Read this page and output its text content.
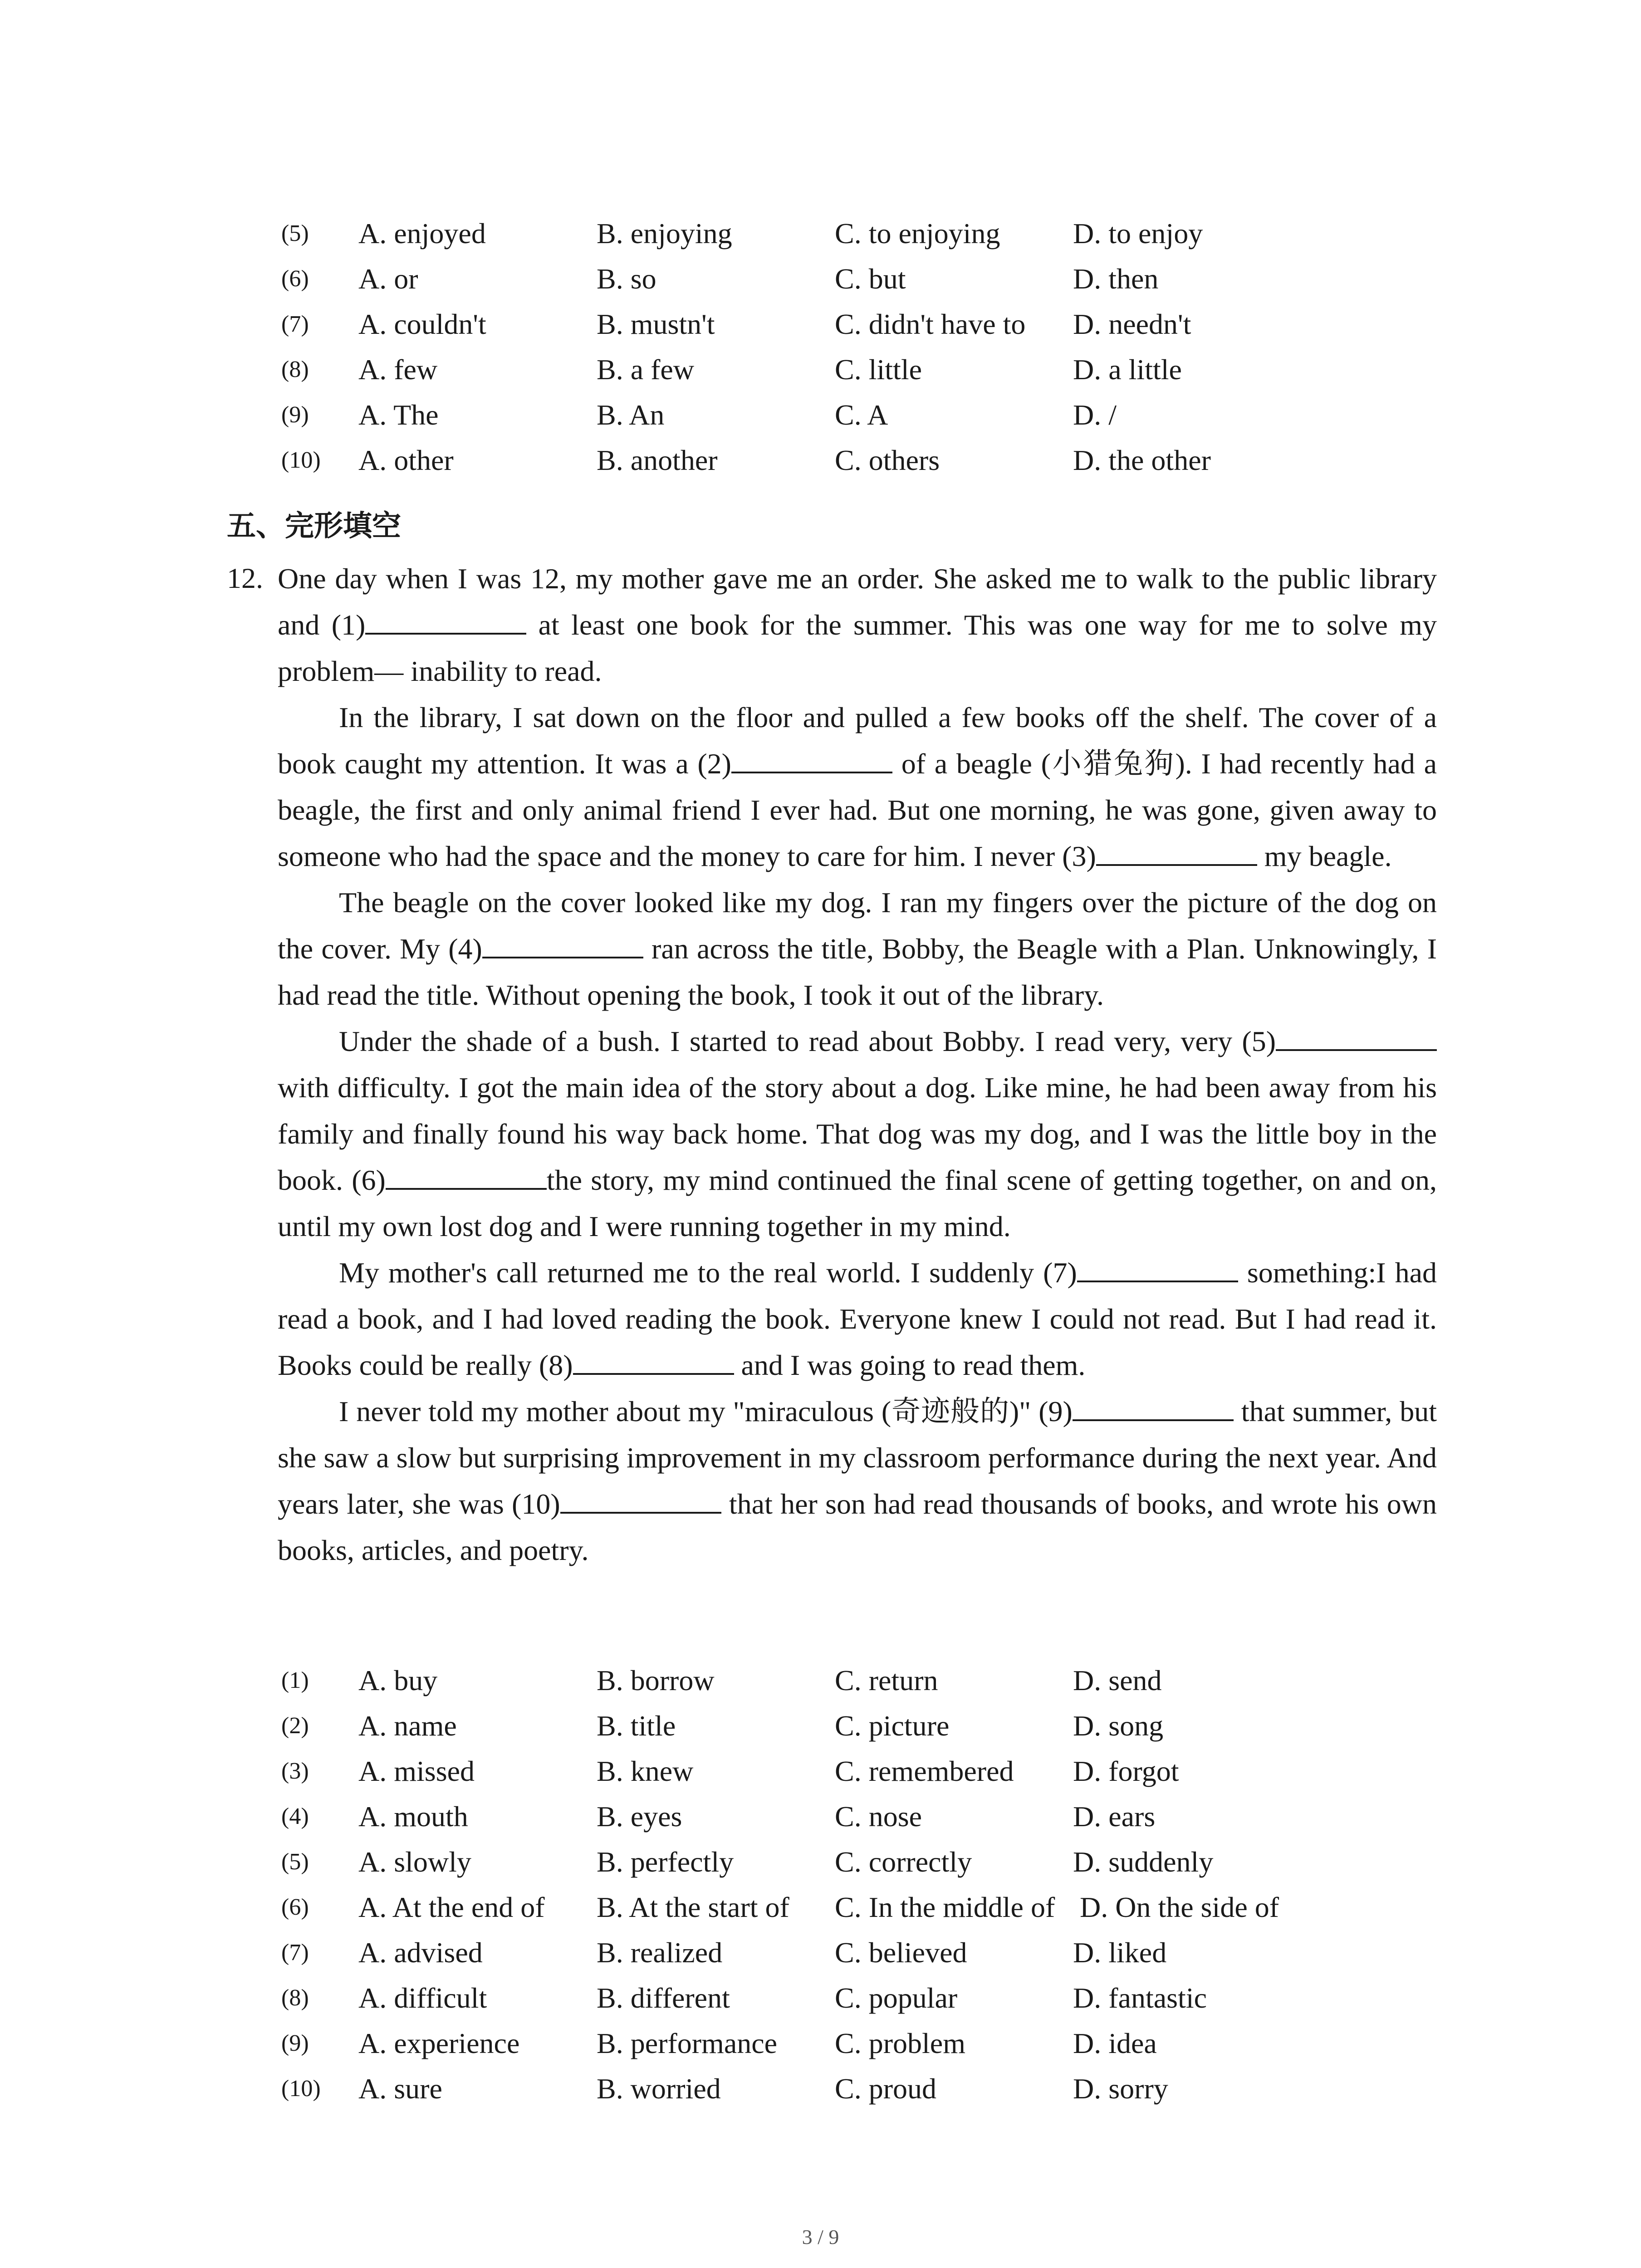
(5)	A. enjoyed	B. enjoying	C. to enjoying	D. to enjoy
(6)	A. or	B. so	C. but	D. then
(7)	A. couldn't	B. mustn't	C. didn't have to D. needn't
(8)	A. few	B. a few	C. little	D. a little
(9)	A. The	B. An	C. A	D. /
(10)	A. other	B. another	C. others	D. the other
五、完形填空
12. One day when I was 12, my mother gave me an order. She asked me to walk to the public library and (1)	at least one book for the summer. This was one way for me to solve my problem— inability to read.

In the library, I sat down on the floor and pulled a few books off the shelf. The cover of a book caught my attention. It was a (2)	of a beagle (小猎兔狗). I had recently had a beagle, the first and only animal friend I ever had. But one morning, he was gone, given away to someone who had the space and the money to care for him. I never (3)	my beagle.

The beagle on the cover looked like my dog. I ran my fingers over the picture of the dog on the cover. My (4)	ran across the title, Bobby, the Beagle with a Plan. Unknowingly, I had read the title. Without opening the book, I took it out of the library.

Under the shade of a bush. I started to read about Bobby. I read very, very (5) with difficulty. I got the main idea of the story about a dog. Like mine, he had been away from his family and finally found his way back home. That dog was my dog, and I was the little boy in the book. (6)	the story, my mind continued the final scene of getting together, on and on, until my own lost dog and I were running together in my mind.

My mother's call returned me to the real world. I suddenly (7)	something:I had read a book, and I had loved reading the book. Everyone knew I could not read. But I had read it. Books could be really (8)	and I was going to read them.

I never told my mother about my "miraculous (奇迹般的)" (9)	that summer, but she saw a slow but surprising improvement in my classroom performance during the next year. And years later, she was (10)	that her son had read thousands of books, and wrote his own books, articles, and poetry.

(1)	A. buy	B. borrow	C. return	D. send
(2)	A. name	B. title	C. picture	D. song
(3)	A. missed	B. knew	C. remembered D. forgot
(4)	A. mouth	B. eyes	C. nose	D. ears
(5)	A. slowly	B. perfectly	C. correctly	D. suddenly
(6)	A. At the end of B. At the start of C. In the middle of D. On the side of
(7)	A. advised	B. realized	C. believed	D. liked
(8)	A. difficult	B. different	C. popular	D. fantastic
(9)	A. experience	B. performance C. problem	D. idea
(10)	A. sure	B. worried	C. proud	D. sorry
3 / 9
